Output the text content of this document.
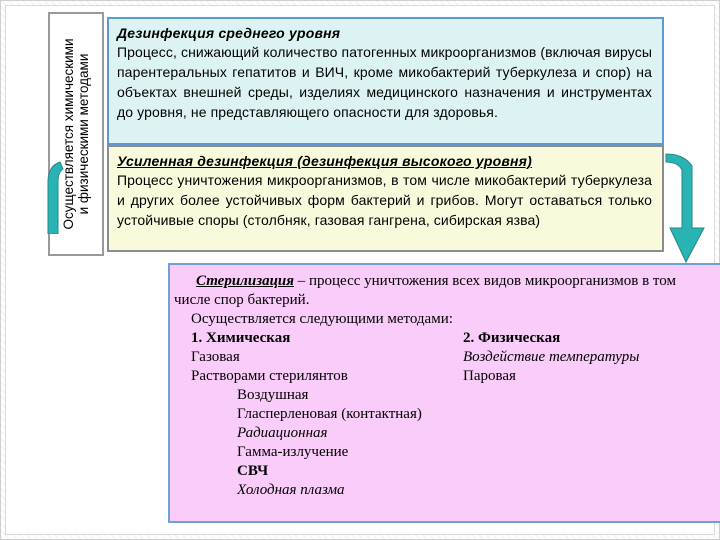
Осуществляется химическими и физическими методами
Дезинфекция среднего уровня
Процесс, снижающий количество патогенных микроорганизмов (включая вирусы парентеральных гепатитов и ВИЧ, кроме микобактерий туберкулеза и спор) на объектах внешней среды, изделиях медицинского назначения и инструментах до уровня, не представляющего опасности для здоровья.
Усиленная дезинфекция (дезинфекция высокого уровня)
Процесс уничтожения микроорганизмов, в том числе микобактерий туберкулеза и других более устойчивых форм бактерий и грибов. Могут оставаться только устойчивые споры (столбняк, газовая гангрена, сибирская язва)
Стерилизация – процесс уничтожения всех видов микроорганизмов в том
числе спор бактерий.
Осуществляется следующими методами:
1. Химическая
Газовая
Растворами стерилянтов
2. Физическая
Воздействие температуры
Паровая
Воздушная
Гласперленовая (контактная)
Радиационная
Гамма-излучение
СВЧ
Холодная плазма
